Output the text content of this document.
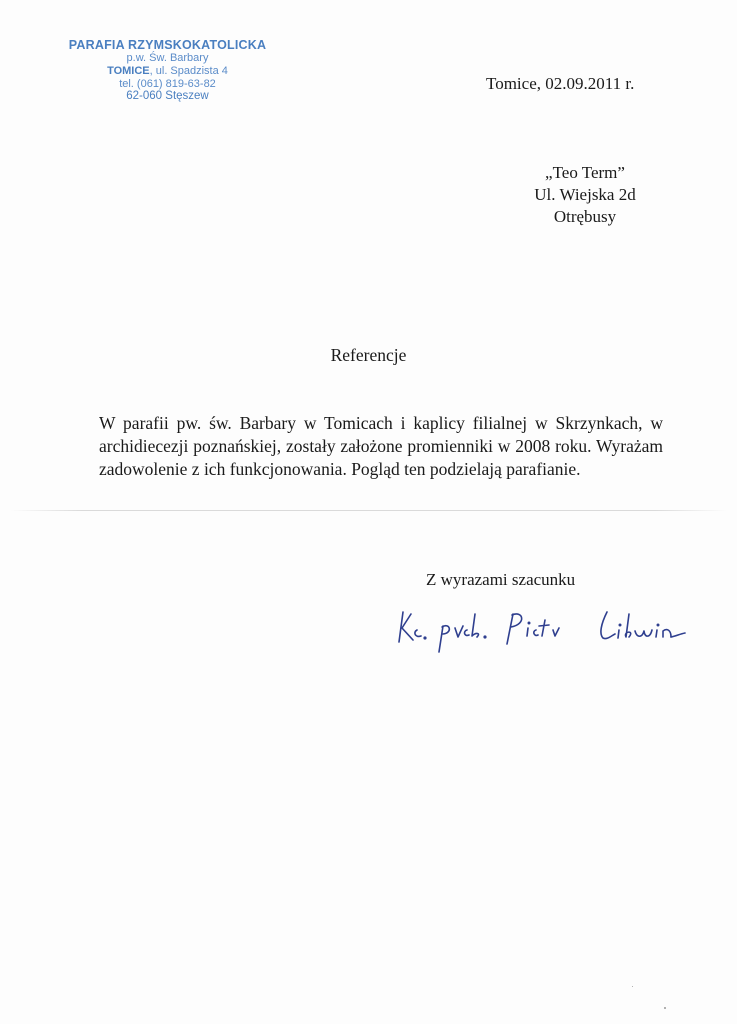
PARAFIA RZYMSKOKATOLICKA
p.w. Św. Barbary
TOMICE, ul. Spadzista 4
tel. (061) 819-63-82
62-060 Stęszew
Tomice, 02.09.2011 r.
„Teo Term”
Ul. Wiejska 2d
Otrębusy
Referencje

W parafii pw. św. Barbary w Tomicach i kaplicy filialnej w Skrzynkach, w archidiecezji poznańskiej, zostały założone promienniki w 2008 roku. Wyrażam zadowolenie z ich funkcjonowania. Pogląd ten podzielają parafianie.

Z wyrazami szacunku
